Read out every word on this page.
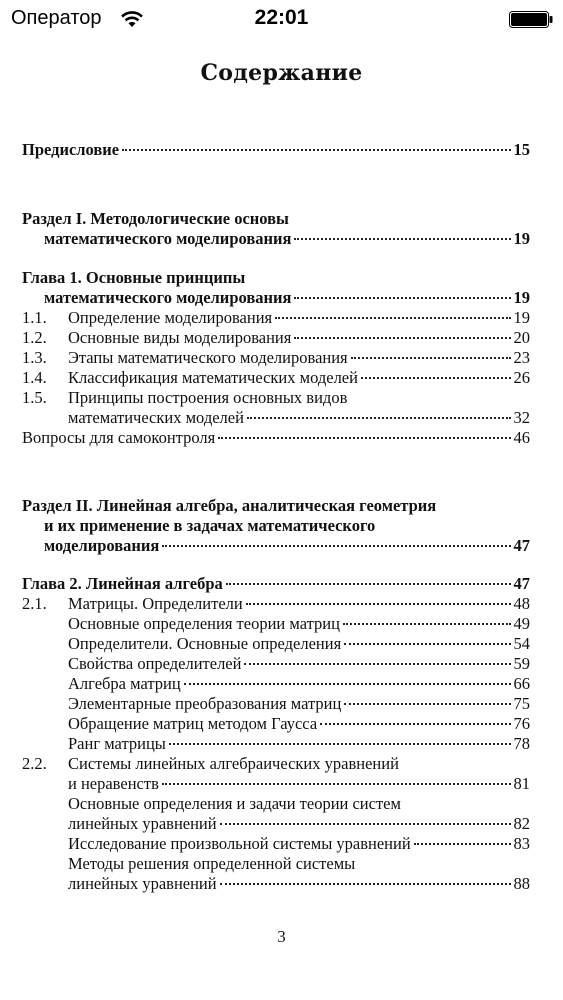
Оператор	22:01
Содержание
Предисловие	15
Раздел I. Методологические основы
математического моделирования	19
Глава 1. Основные принципы
математического моделирования	19
1.1.	Определение моделирования	19
1.2.	Основные виды моделирования	20
1.3.	Этапы математического моделирования	23
1.4.	Классификация математических моделей	26
1.5.	Принципы построения основных видов
математических моделей	32
Вопросы для самоконтроля	46
Раздел II. Линейная алгебра, аналитическая геометрия
и их применение в задачах математического
моделирования	47
Глава 2. Линейная алгебра	47
2.1.	Матрицы. Определители	48
Основные определения теории матриц	49
Определители. Основные определения	54
Свойства определителей	59
Алгебра матриц	66
Элементарные преобразования матриц	75
Обращение матриц методом Гаусса	76
Ранг матрицы	78
2.2.	Системы линейных алгебраических уравнений
и неравенств	81
Основные определения и задачи теории систем
линейных уравнений	82
Исследование произвольной системы уравнений	83
Методы решения определенной системы
линейных уравнений	88
3
